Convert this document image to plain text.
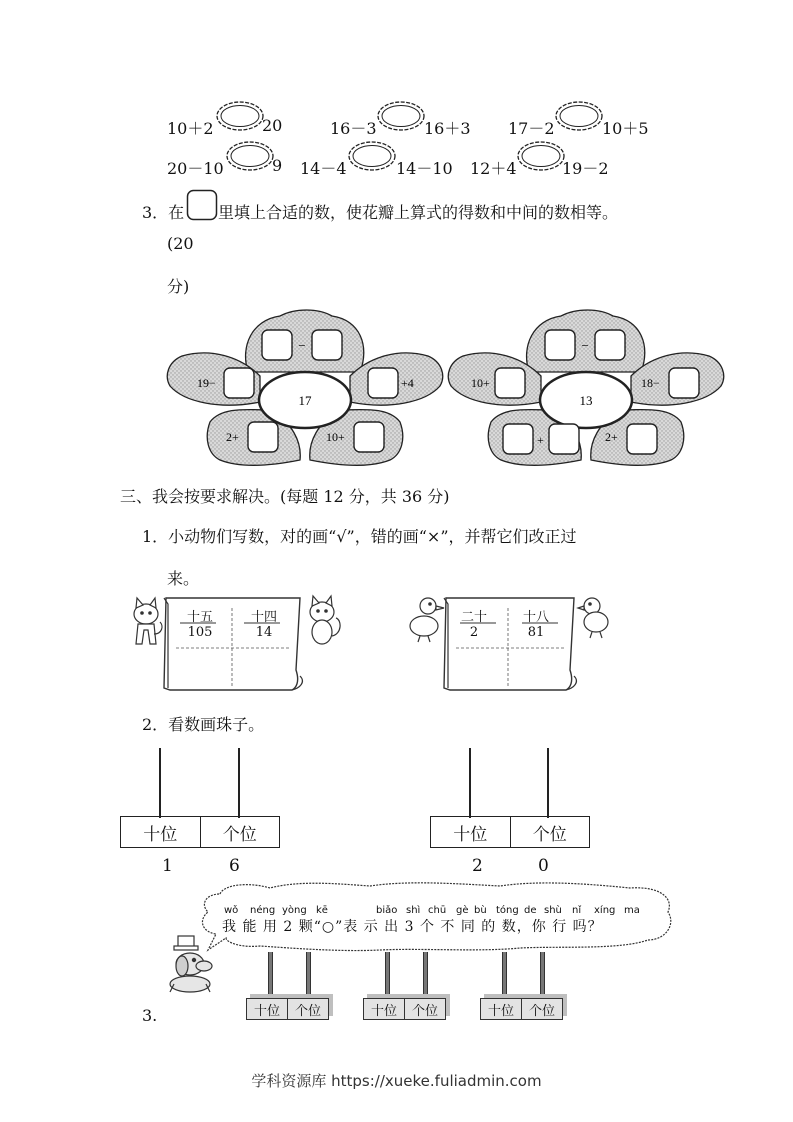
10＋2	20	16－3	16＋3 17－2	10＋5
20－10	9 14－4	14－10 12＋4	19－2
3．在 里填上合适的数，使花瓣上算式的得数和中间的数相等。
(20
分)
17
−
19−	+4
2+	10+
13
−
10+	18−
+	2+
三、我会按要求解决。(每题 12 分，共 36 分)
1．小动物们写数，对的画“√”，错的画“×”，并帮它们改正过
来。
十五
105
十四
14
二十
2
十八
81
2．看数画珠子。
十位	个位
1	6
十位	个位
2	0
wǒ néng yòng kē	biǎo shì chū gè bù tóng de shù nǐ xíng ma
我 能 用 2 颗“○”表 示 出 3 个 不 同 的 数，你 行 吗？
3.	十位	个位	十位	个位	十位	个位
学科资源库 https://xueke.fuliadmin.com
